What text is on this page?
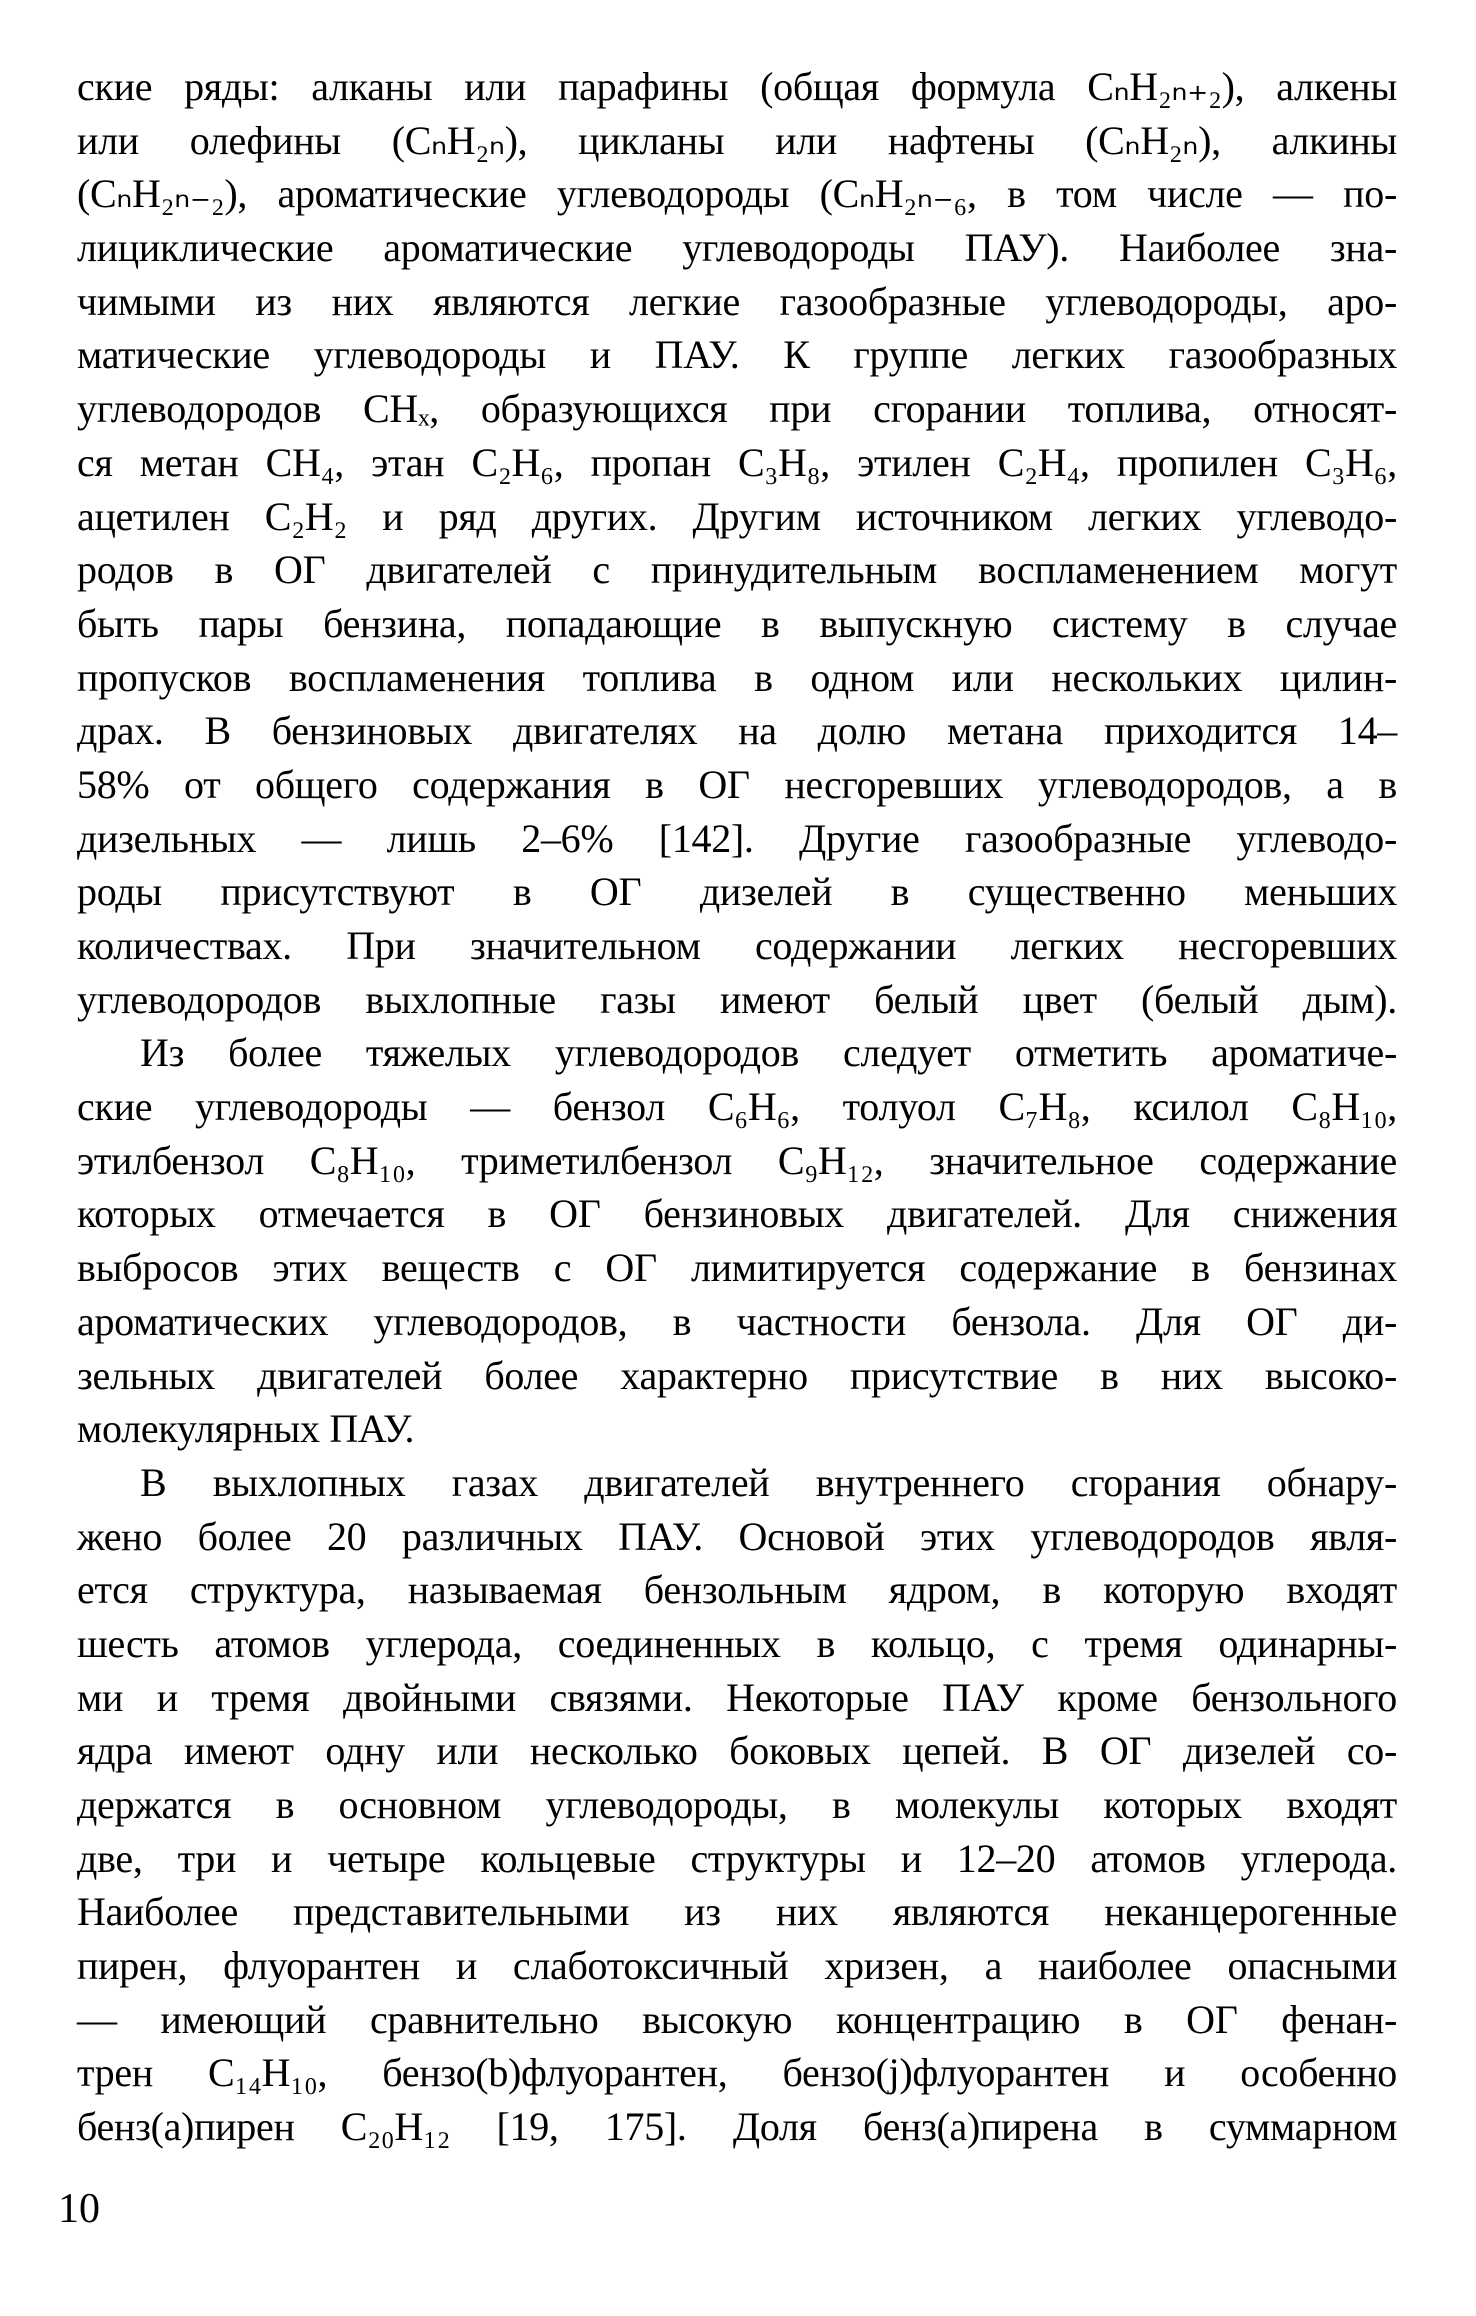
ские ряды: алканы или парафины (общая формула CₙH₂ₙ₊₂), алкены
или олефины (CₙH₂ₙ), цикланы или нафтены (CₙH₂ₙ), алкины
(CₙH₂ₙ₋₂), ароматические углеводороды (CₙH₂ₙ₋₆, в том числе — по-
лициклические ароматические углеводороды ПАУ). Наиболее зна-
чимыми из них являются легкие газообразные углеводороды, аро-
матические углеводороды и ПАУ. К группе легких газообразных
углеводородов CHₓ, образующихся при сгорании топлива, относят-
ся метан CH₄, этан C₂H₆, пропан C₃H₈, этилен C₂H₄, пропилен C₃H₆,
ацетилен C₂H₂ и ряд других. Другим источником легких углеводо-
родов в ОГ двигателей с принудительным воспламенением могут
быть пары бензина, попадающие в выпускную систему в случае
пропусков воспламенения топлива в одном или нескольких цилин-
драх. В бензиновых двигателях на долю метана приходится 14–
58% от общего содержания в ОГ несгоревших углеводородов, а в
дизельных — лишь 2–6% [142]. Другие газообразные углеводо-
роды присутствуют в ОГ дизелей в существенно меньших
количествах. При значительном содержании легких несгоревших
углеводородов выхлопные газы имеют белый цвет (белый дым).
Из более тяжелых углеводородов следует отметить ароматиче-
ские углеводороды — бензол C₆H₆, толуол C₇H₈, ксилол C₈H₁₀,
этилбензол C₈H₁₀, триметилбензол C₉H₁₂, значительное содержание
которых отмечается в ОГ бензиновых двигателей. Для снижения
выбросов этих веществ с ОГ лимитируется содержание в бензинах
ароматических углеводородов, в частности бензола. Для ОГ ди-
зельных двигателей более характерно присутствие в них высоко-
молекулярных ПАУ.
В выхлопных газах двигателей внутреннего сгорания обнару-
жено более 20 различных ПАУ. Основой этих углеводородов явля-
ется структура, называемая бензольным ядром, в которую входят
шесть атомов углерода, соединенных в кольцо, с тремя одинарны-
ми и тремя двойными связями. Некоторые ПАУ кроме бензольного
ядра имеют одну или несколько боковых цепей. В ОГ дизелей со-
держатся в основном углеводороды, в молекулы которых входят
две, три и четыре кольцевые структуры и 12–20 атомов углерода.
Наиболее представительными из них являются неканцерогенные
пирен, флуорантен и слаботоксичный хризен, а наиболее опасными
— имеющий сравнительно высокую концентрацию в ОГ фенан-
трен C₁₄H₁₀, бензо(b)флуорантен, бензо(j)флуорантен и особенно
бенз(a)пирен C₂₀H₁₂ [19, 175]. Доля бенз(a)пирена в суммарном
10
